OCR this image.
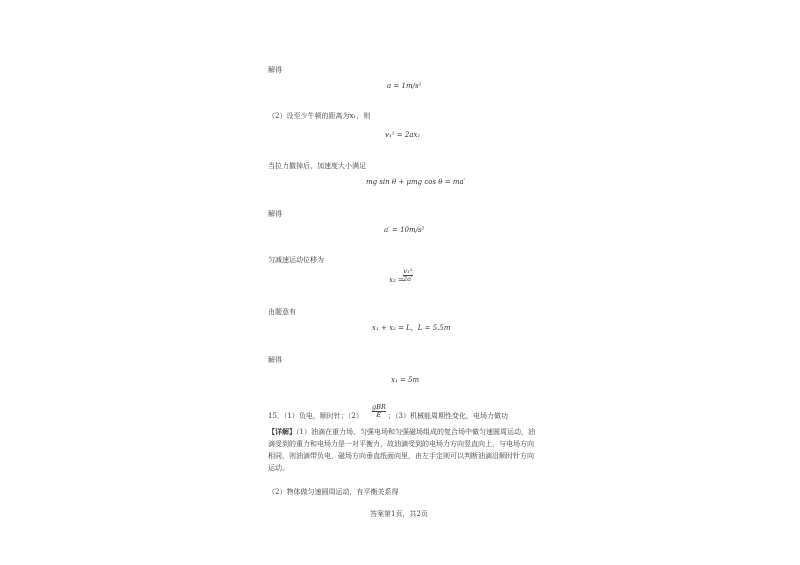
解得
a = 1m/s²
（2）设至少牛顿的距离为x₁，则
v₁² = 2ax₁
当拉力撤掉后，加速度大小满足
mg sin θ + μmg cos θ = ma′
解得
a′ = 10m/s²
匀减速运动位移为
x₂ =
v₁²
2a′
由题意有
x₁ + x₂ = L，L = 5.5m
解得
x₁ = 5m
15．（1）负电，顺时针；（2）
gBR
E ；（3）机械能周期性变化，电场力做功
【详解】（1）油滴在重力场、匀强电场和匀强磁场组成的复合场中做匀速圆周运动，油滴受到的重力和电场力是一对平衡力，故油滴受到的电场力方向竖直向上，与电场方向相同，则油滴带负电，磁场方向垂直纸面向里，由左手定则可以判断油滴沿顺时针方向运动。
（2）物体做匀速圆周运动，有平衡关系得
答案第1页，共2页
